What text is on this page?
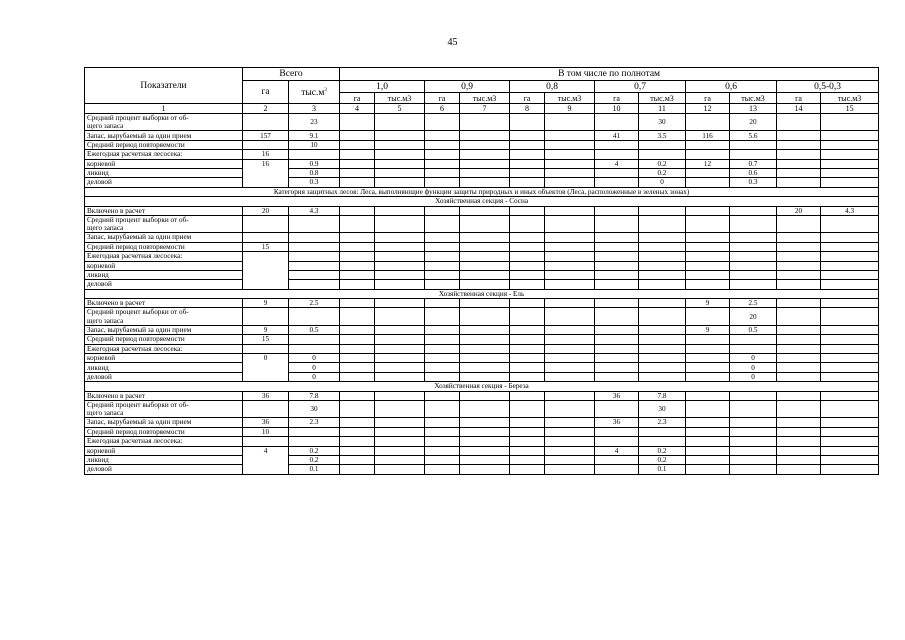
45
Показатели	Всего		В том числе по полнотам											
	га	$тыс.м^3$	1,0		0,9		0,8		0,7		0,6		0,5-0,3	
			га	тыс.м3	га	тыс.м3	га	тыс.м3	га	тыс.м3	га	тыс.м3	га	тыс.м3
1	2	3	4	5	6	7	8	9	10	11	12	13	14	15
Средний процент выборки от об-
щего запаса		23								30		20		
Запас, вырубаемый за один прием	157	9.1							41	3.5	116	5.6		
Средний период повторяемости		10												
Ежегодная расчетная лесосека:	16													
корневой	16	0.9							4	0.2	12	0.7		
ликвид		0.8								0.2		0.6		
деловой		0.3								0		0.3		
Категория защитных лесов: Леса, выполняющие функции защиты природных и иных объектов (Леса, расположенные в зеленых зонах)														
Хозяйственная секция - Сосна														
Включено в расчет	20	4.3											20	4.3
Средний процент выборки от об-
щего запаса														
Запас, вырубаемый за один прием														
Средний период повторяемости	15													
Ежегодная расчетная лесосека:														
корневой														
ликвид														
деловой														
Хозяйственная секция - Ель														
Включено в расчет	9	2.5									9	2.5		
Средний процент выборки от об-
щего запаса												20		
Запас, вырубаемый за один прием	9	0.5									9	0.5		
Средний период повторяемости	15													
Ежегодная расчетная лесосека:														
корневой	0	0										0		
ликвид		0										0		
деловой		0										0		
Хозяйственная секция - Береза														
Включено в расчет	36	7.8							36	7.8				
Средний процент выборки от об-
щего запаса		30								30				
Запас, вырубаемый за один прием	36	2.3							36	2.3				
Средний период повторяемости	10													
Ежегодная расчетная лесосека:														
корневой	4	0.2							4	0.2				
ликвид		0.2								0.2				
деловой		0.1								0.1				
